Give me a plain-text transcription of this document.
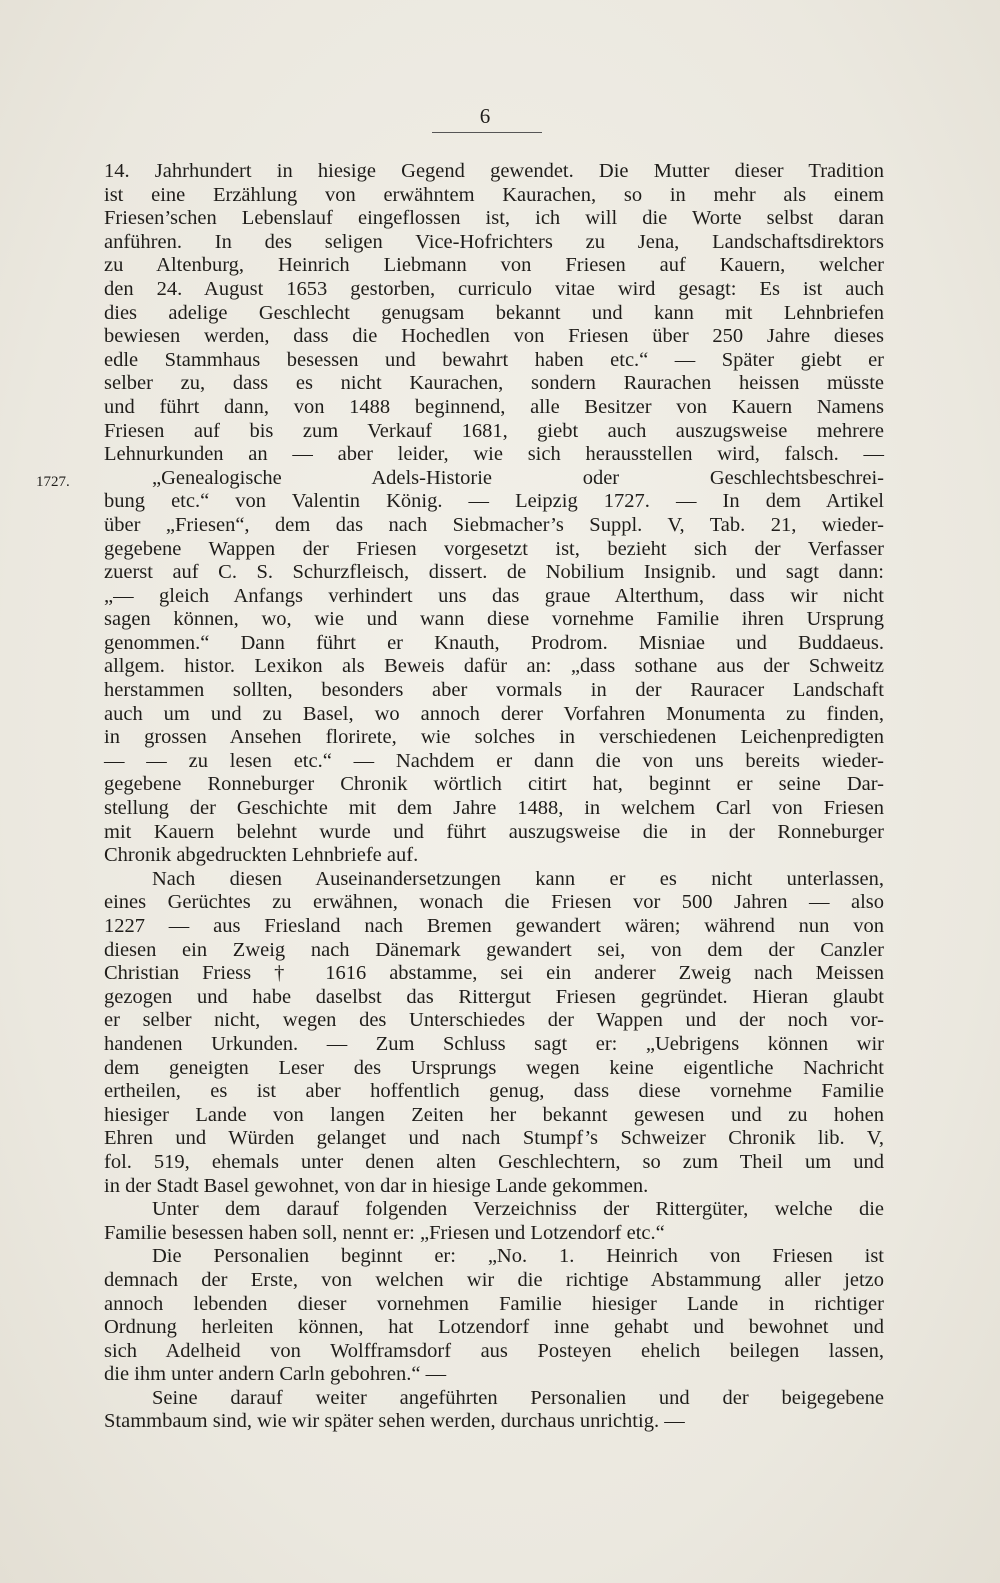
6
1727.
14. Jahrhundert in hiesige Gegend gewendet. Die Mutter dieser Tradition
ist eine Erzählung von erwähntem Kaurachen, so in mehr als einem
Friesen’schen Lebenslauf eingeflossen ist, ich will die Worte selbst daran
anführen. In des seligen Vice-Hofrichters zu Jena, Landschaftsdirektors
zu Altenburg, Heinrich Liebmann von Friesen auf Kauern, welcher
den 24. August 1653 gestorben, curriculo vitae wird gesagt: Es ist auch
dies adelige Geschlecht genugsam bekannt und kann mit Lehnbriefen
bewiesen werden, dass die Hochedlen von Friesen über 250 Jahre dieses
edle Stammhaus besessen und bewahrt haben etc.“ — Später giebt er
selber zu, dass es nicht Kaurachen, sondern Raurachen heissen müsste
und führt dann, von 1488 beginnend, alle Besitzer von Kauern Namens
Friesen auf bis zum Verkauf 1681, giebt auch auszugsweise mehrere
Lehnurkunden an — aber leider, wie sich herausstellen wird, falsch. —
„Genealogische Adels-Historie oder Geschlechtsbeschrei-
bung etc.“ von Valentin König. — Leipzig 1727. — In dem Artikel
über „Friesen“, dem das nach Siebmacher’s Suppl. V, Tab. 21, wieder-
gegebene Wappen der Friesen vorgesetzt ist, bezieht sich der Verfasser
zuerst auf C. S. Schurzfleisch, dissert. de Nobilium Insignib. und sagt dann:
„— gleich Anfangs verhindert uns das graue Alterthum, dass wir nicht
sagen können, wo, wie und wann diese vornehme Familie ihren Ursprung
genommen.“ Dann führt er Knauth, Prodrom. Misniae und Buddaeus.
allgem. histor. Lexikon als Beweis dafür an: „dass sothane aus der Schweitz
herstammen sollten, besonders aber vormals in der Rauracer Landschaft
auch um und zu Basel, wo annoch derer Vorfahren Monumenta zu finden,
in grossen Ansehen florirete, wie solches in verschiedenen Leichenpredigten
— — zu lesen etc.“ — Nachdem er dann die von uns bereits wieder-
gegebene Ronneburger Chronik wörtlich citirt hat, beginnt er seine Dar-
stellung der Geschichte mit dem Jahre 1488, in welchem Carl von Friesen
mit Kauern belehnt wurde und führt auszugsweise die in der Ronneburger
Chronik abgedruckten Lehnbriefe auf.
Nach diesen Auseinandersetzungen kann er es nicht unterlassen,
eines Gerüchtes zu erwähnen, wonach die Friesen vor 500 Jahren — also
1227 — aus Friesland nach Bremen gewandert wären; während nun von
diesen ein Zweig nach Dänemark gewandert sei, von dem der Canzler
Christian Friess † 1616 abstamme, sei ein anderer Zweig nach Meissen
gezogen und habe daselbst das Rittergut Friesen gegründet. Hieran glaubt
er selber nicht, wegen des Unterschiedes der Wappen und der noch vor-
handenen Urkunden. — Zum Schluss sagt er: „Uebrigens können wir
dem geneigten Leser des Ursprungs wegen keine eigentliche Nachricht
ertheilen, es ist aber hoffentlich genug, dass diese vornehme Familie
hiesiger Lande von langen Zeiten her bekannt gewesen und zu hohen
Ehren und Würden gelanget und nach Stumpf’s Schweizer Chronik lib. V,
fol. 519, ehemals unter denen alten Geschlechtern, so zum Theil um und
in der Stadt Basel gewohnet, von dar in hiesige Lande gekommen.
Unter dem darauf folgenden Verzeichniss der Rittergüter, welche die
Familie besessen haben soll, nennt er: „Friesen und Lotzendorf etc.“
Die Personalien beginnt er: „No. 1. Heinrich von Friesen ist
demnach der Erste, von welchen wir die richtige Abstammung aller jetzo
annoch lebenden dieser vornehmen Familie hiesiger Lande in richtiger
Ordnung herleiten können, hat Lotzendorf inne gehabt und bewohnet und
sich Adelheid von Wolfframsdorf aus Posteyen ehelich beilegen lassen,
die ihm unter andern Carln gebohren.“ —
Seine darauf weiter angeführten Personalien und der beigegebene
Stammbaum sind, wie wir später sehen werden, durchaus unrichtig. —
